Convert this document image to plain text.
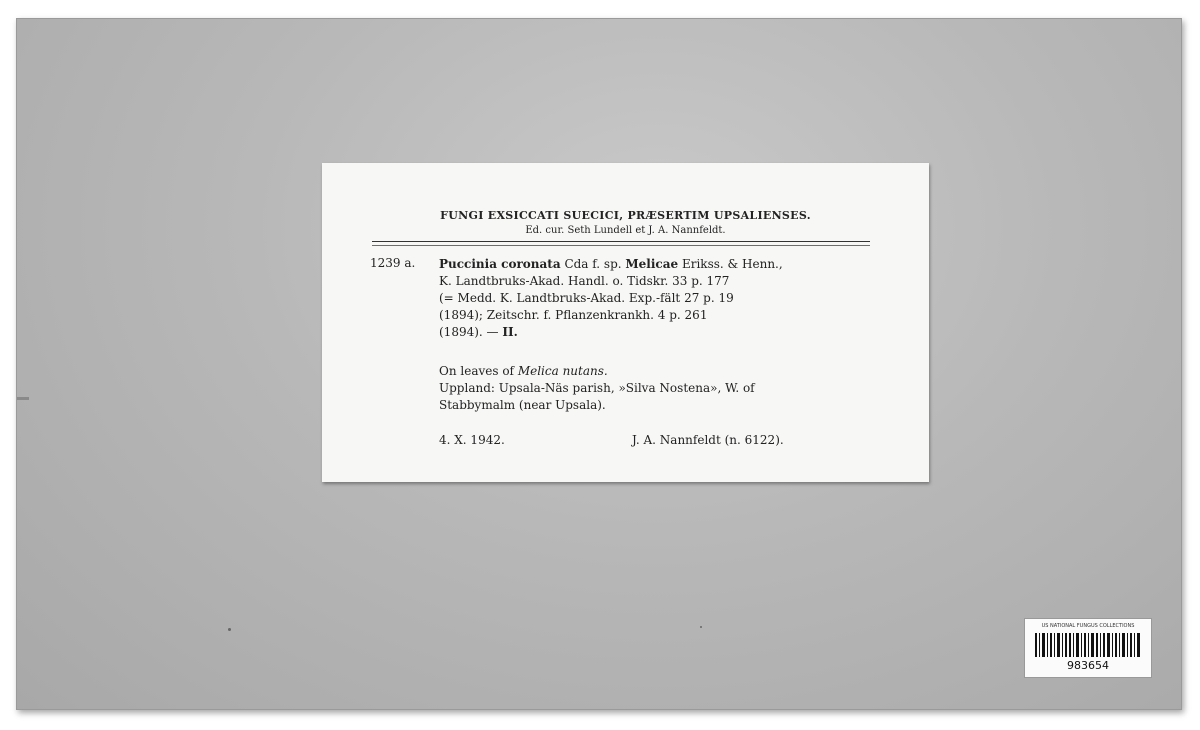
FUNGI EXSICCATI SUECICI, PRÆSERTIM UPSALIENSES.
Ed. cur. Seth Lundell et J. A. Nannfeldt.
1239 a. Puccinia coronata Cda f. sp. Melicae Erikss. & Henn.,
K. Landtbruks-Akad. Handl. o. Tidskr. 33 p. 177
(= Medd. K. Landtbruks-Akad. Exp.-fält 27 p. 19
(1894); Zeitschr. f. Pflanzenkrankh. 4 p. 261
(1894). — II.
On leaves of Melica nutans.
Uppland: Upsala-Näs parish, »Silva Nostena», W. of
Stabbymalm (near Upsala).
4. X. 1942.	J. A. Nannfeldt (n. 6122).
US NATIONAL FUNGUS COLLECTIONS
983654
